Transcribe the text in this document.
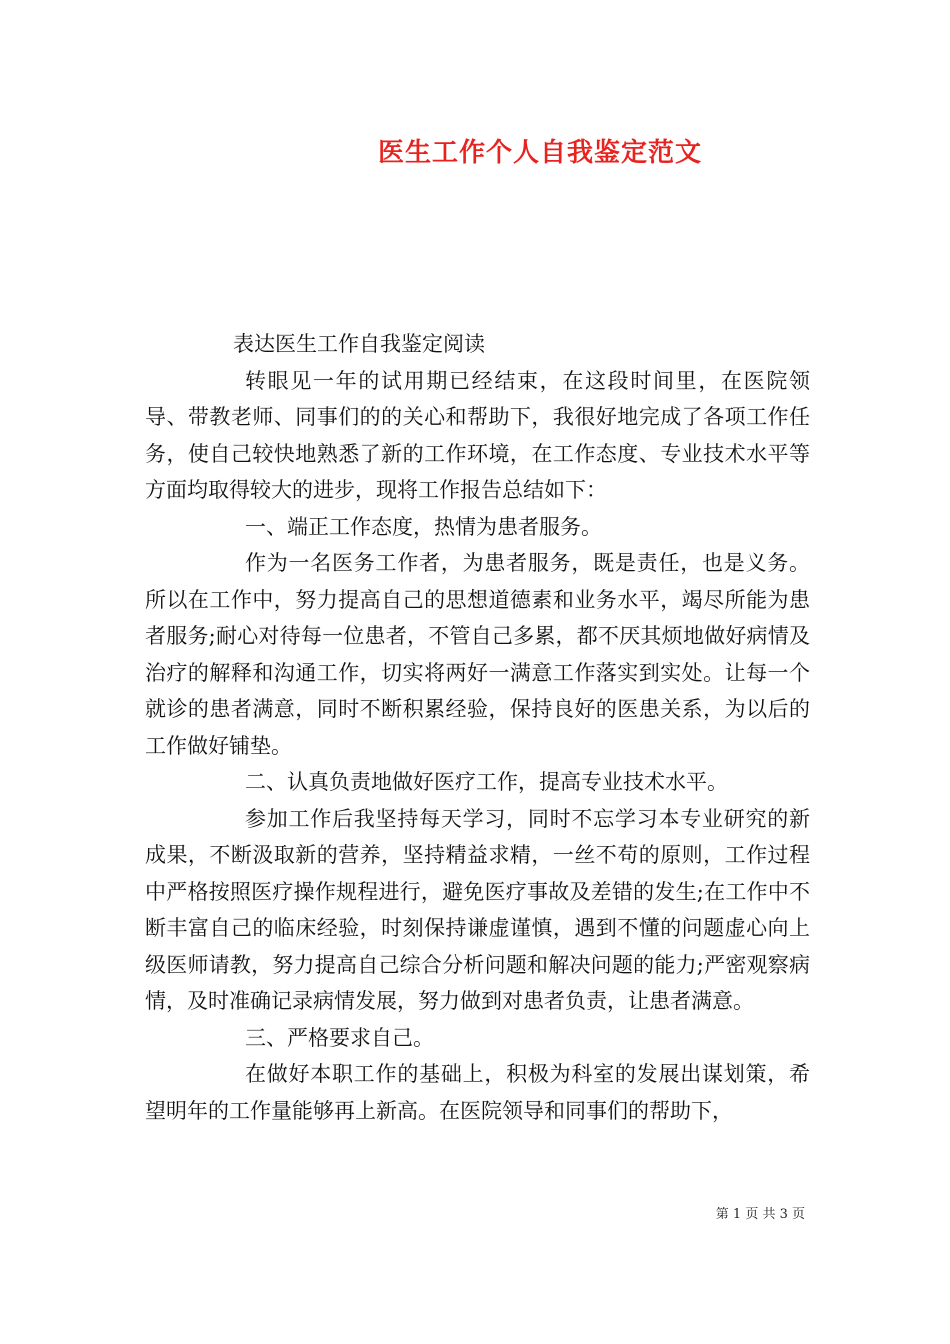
医生工作个人自我鉴定范文

表达医生工作自我鉴定阅读

转眼见一年的试用期已经结束，在这段时间里，在医院领导、带教老师、同事们的的关心和帮助下，我很好地完成了各项工作任务，使自己较快地熟悉了新的工作环境，在工作态度、专业技术水平等方面均取得较大的进步，现将工作报告总结如下：

一、端正工作态度，热情为患者服务。

作为一名医务工作者，为患者服务，既是责任，也是义务。所以在工作中，努力提高自己的思想道德素和业务水平，竭尽所能为患者服务;耐心对待每一位患者，不管自己多累，都不厌其烦地做好病情及治疗的解释和沟通工作，切实将两好一满意工作落实到实处。让每一个就诊的患者满意，同时不断积累经验，保持良好的医患关系，为以后的工作做好铺垫。

二、认真负责地做好医疗工作，提高专业技术水平。

参加工作后我坚持每天学习，同时不忘学习本专业研究的新成果，不断汲取新的营养，坚持精益求精，一丝不苟的原则，工作过程中严格按照医疗操作规程进行，避免医疗事故及差错的发生;在工作中不断丰富自己的临床经验，时刻保持谦虚谨慎，遇到不懂的问题虚心向上级医师请教，努力提高自己综合分析问题和解决问题的能力;严密观察病情，及时准确记录病情发展，努力做到对患者负责，让患者满意。

三、严格要求自己。

在做好本职工作的基础上，积极为科室的发展出谋划策，希望明年的工作量能够再上新高。在医院领导和同事们的帮助下，

第 1 页 共 3 页
